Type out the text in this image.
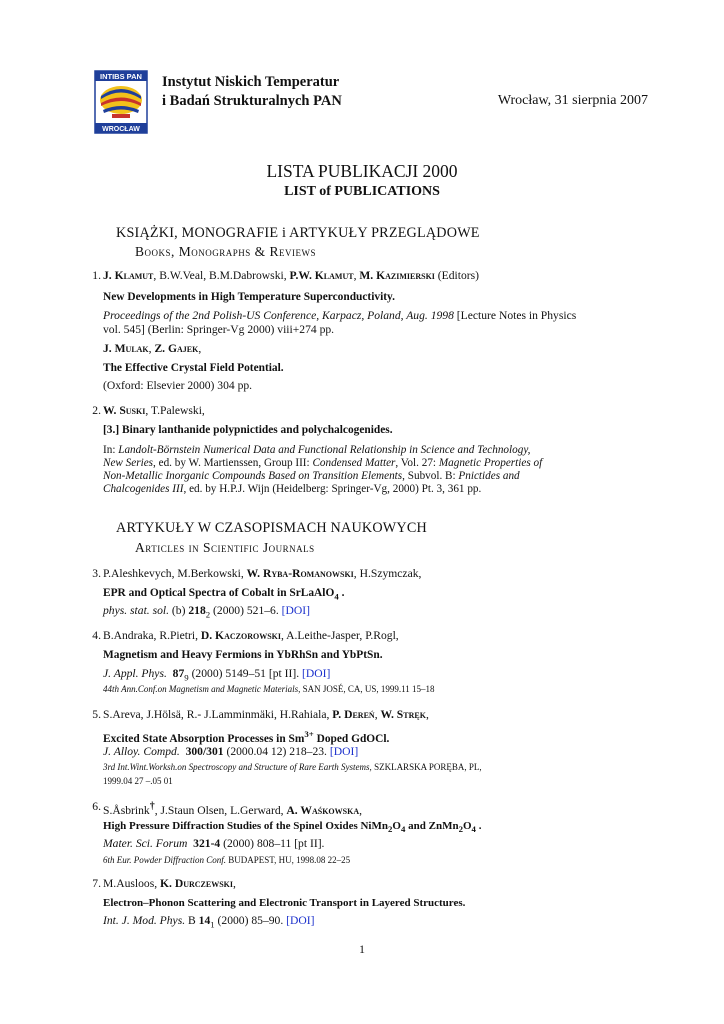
INTIBS PAN
WROCŁAW
Instytut Niskich Temperatur
i Badań Strukturalnych PAN	Wrocław, 31 sierpnia 2007
LISTA PUBLIKACJI 2000
LIST of PUBLICATIONS
KSIĄŻKI, MONOGRAFIE i ARTYKUŁY PRZEGLĄDOWE
Books, Monographs & Reviews
1. J. Klamut, B.W.Veal, B.M.Dabrowski, P.W. Klamut, M. Kazimierski (Editors)
New Developments in High Temperature Superconductivity.
Proceedings of the 2nd Polish-US Conference, Karpacz, Poland, Aug. 1998 [Lecture Notes in Physics
vol. 545] (Berlin: Springer-Vg 2000) viii+274 pp.
J. Mulak, Z. Gajek,
The Effective Crystal Field Potential.
(Oxford: Elsevier 2000) 304 pp.
2. W. Suski, T.Palewski,
[3.] Binary lanthanide polypnictides and polychalcogenides.
In: Landolt-Börnstein Numerical Data and Functional Relationship in Science and Technology,
New Series, ed. by W. Martienssen, Group III: Condensed Matter, Vol. 27: Magnetic Properties of
Non-Metallic Inorganic Compounds Based on Transition Elements, Subvol. B: Pnictides and
Chalcogenides III, ed. by H.P.J. Wijn (Heidelberg: Springer-Vg, 2000) Pt. 3, 361 pp.
ARTYKUŁY W CZASOPISMACH NAUKOWYCH
Articles in Scientific Journals
3. P.Aleshkevych, M.Berkowski, W. Ryba-Romanowski, H.Szymczak,
EPR and Optical Spectra of Cobalt in SrLaAlO$_4$ .
phys. stat. sol. (b) $218_2$ (2000) 521–6. [DOI]
4. B.Andraka, R.Pietri, D. Kaczorowski, A.Leithe-Jasper, P.Rogl,
Magnetism and Heavy Fermions in YbRhSn and YbPtSn.
J. Appl. Phys. $87_9$ (2000) 5149–51 [pt II]. [DOI]
44th Ann.Conf.on Magnetism and Magnetic Materials, SAN JOSÉ, CA, US, 1999.11 15–18
5. S.Areva, J.Hölsä, R.- J.Lamminmäki, H.Rahiala, P. Dereń, W. Stręk,
Excited State Absorption Processes in $Sm^{3+}$ Doped GdOCl.
J. Alloy. Compd. 300/301 (2000.04 12) 218–23. [DOI]
3rd Int.Wint.Worksh.on Spectroscopy and Structure of Rare Earth Systems, SZKLARSKA PORĘBA, PL,
1999.04 27 –.05 01
6. S.Åsbrink†, J.Staun Olsen, L.Gerward, A. Waśkowska,
High Pressure Diffraction Studies of the Spinel Oxides $NiMn_2O_4$ and $ZnMn_2O_4$ .
Mater. Sci. Forum 321-4 (2000) 808–11 [pt II].
6th Eur. Powder Diffraction Conf. BUDAPEST, HU, 1998.08 22–25
7. M.Ausloos, K. Durczewski,
Electron–Phonon Scattering and Electronic Transport in Layered Structures.
Int. J. Mod. Phys. B $14_1$ (2000) 85–90. [DOI]
1
